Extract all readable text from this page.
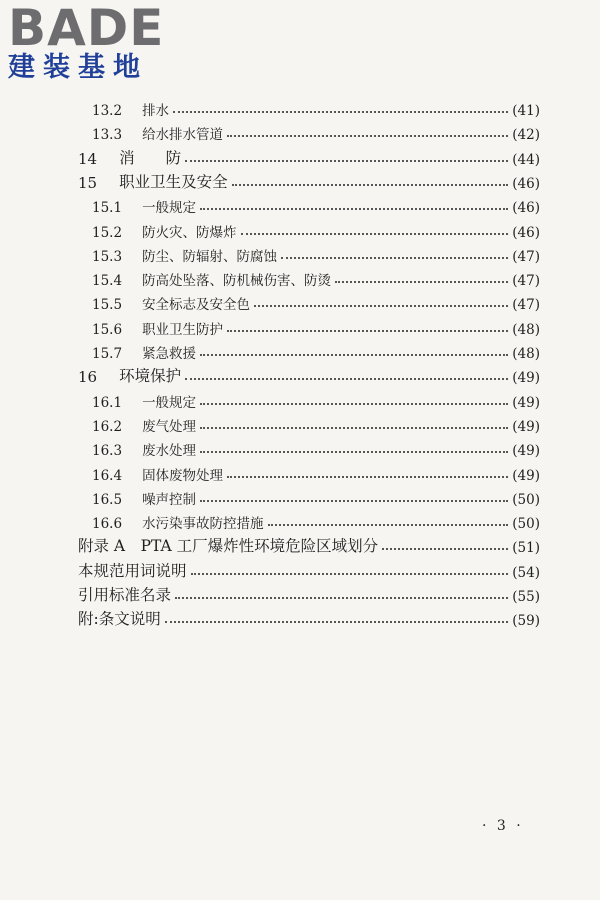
BADE
建装基地
13.2 排水	(41)
13.3 给水排水管道	(42)
14 消　　防	(44)
15 职业卫生及安全	(46)
15.1 一般规定	(46)
15.2 防火灾、防爆炸	(46)
15.3 防尘、防辐射、防腐蚀	(47)
15.4 防高处坠落、防机械伤害、防烫	(47)
15.5 安全标志及安全色	(47)
15.6 职业卫生防护	(48)
15.7 紧急救援	(48)
16 环境保护	(49)
16.1 一般规定	(49)
16.2 废气处理	(49)
16.3 废水处理	(49)
16.4 固体废物处理	(49)
16.5 噪声控制	(50)
16.6 水污染事故防控措施	(50)
附录 A　PTA 工厂爆炸性环境危险区域划分	(51)
本规范用词说明	(54)
引用标准名录	(55)
附:条文说明	(59)
· 3 ·
